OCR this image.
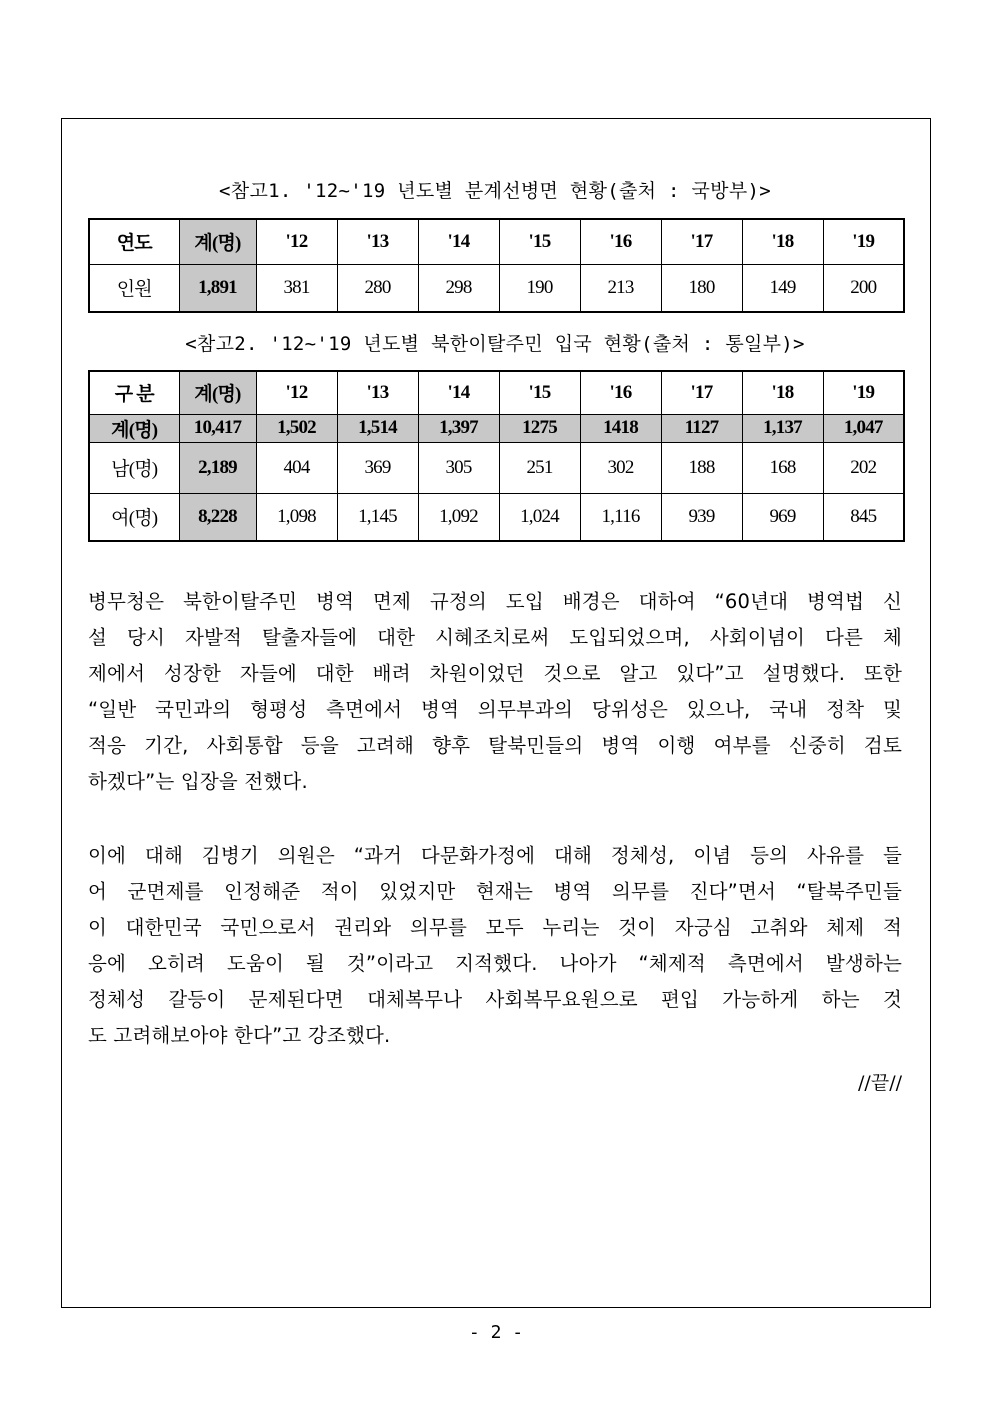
<참고1. '12~'19 년도별 분계선병면 현황(출처 : 국방부)>
연도	계(명)	'12	'13	'14	'15	'16	'17	'18	'19
인원	1,891	381	280	298	190	213	180	149	200
<참고2. '12~'19 년도별 북한이탈주민 입국 현황(출처 : 통일부)>
구 분	계(명)	'12	'13	'14	'15	'16	'17	'18	'19
계(명)	10,417	1,502	1,514	1,397	1275	1418	1127	1,137	1,047
남(명)	2,189	404	369	305	251	302	188	168	202
여(명)	8,228	1,098	1,145	1,092	1,024	1,116	939	969	845
병무청은 북한이탈주민 병역 면제 규정의 도입 배경은 대하여 “60년대 병역법 신
설 당시 자발적 탈출자들에 대한 시혜조치로써 도입되었으며, 사회이념이 다른 체
제에서 성장한 자들에 대한 배려 차원이었던 것으로 알고 있다”고 설명했다. 또한
“일반 국민과의 형평성 측면에서 병역 의무부과의 당위성은 있으나, 국내 정착 및
적응 기간, 사회통합 등을 고려해 향후 탈북민들의 병역 이행 여부를 신중히 검토
하겠다”는 입장을 전했다.
이에 대해 김병기 의원은 “과거 다문화가정에 대해 정체성, 이념 등의 사유를 들
어 군면제를 인정해준 적이 있었지만 현재는 병역 의무를 진다”면서 “탈북주민들
이 대한민국 국민으로서 권리와 의무를 모두 누리는 것이 자긍심 고취와 체제 적
응에 오히려 도움이 될 것”이라고 지적했다. 나아가 “체제적 측면에서 발생하는
정체성 갈등이 문제된다면 대체복무나 사회복무요원으로 편입 가능하게 하는 것
도 고려해보아야 한다”고 강조했다.
//끝//
- 2 -
